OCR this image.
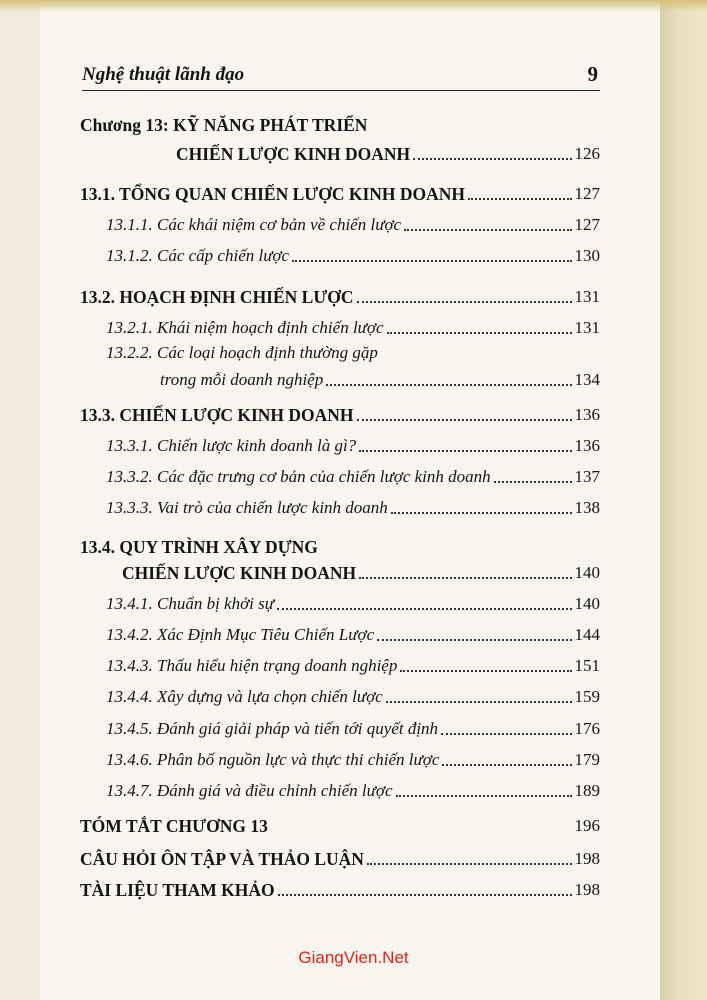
Nghệ thuật lãnh đạo	9
Chương 13: KỸ NĂNG PHÁT TRIỂN
CHIẾN LƯỢC KINH DOANH	126
13.1. TỔNG QUAN CHIẾN LƯỢC KINH DOANH	127
13.1.1. Các khái niệm cơ bản về chiến lược	127
13.1.2. Các cấp chiến lược	130
13.2. HOẠCH ĐỊNH CHIẾN LƯỢC	131
13.2.1. Khái niệm hoạch định chiến lược	131
13.2.2. Các loại hoạch định thường gặp
trong mỗi doanh nghiệp	134
13.3. CHIẾN LƯỢC KINH DOANH	136
13.3.1. Chiến lược kinh doanh là gì?	136
13.3.2. Các đặc trưng cơ bản của chiến lược kinh doanh	137
13.3.3. Vai trò của chiến lược kinh doanh	138
13.4. QUY TRÌNH XÂY DỰNG
CHIẾN LƯỢC KINH DOANH	140
13.4.1. Chuẩn bị khởi sự	140
13.4.2. Xác Định Mục Tiêu Chiến Lược	144
13.4.3. Thấu hiểu hiện trạng doanh nghiệp	151
13.4.4. Xây dựng và lựa chọn chiến lược	159
13.4.5. Đánh giá giải pháp và tiến tới quyết định	176
13.4.6. Phân bố nguồn lực và thực thi chiến lược	179
13.4.7. Đánh giá và điều chỉnh chiến lược	189
TÓM TẮT CHƯƠNG 13	196
CÂU HỎI ÔN TẬP VÀ THẢO LUẬN	198
TÀI LIỆU THAM KHẢO	198
GiangVien.Net
